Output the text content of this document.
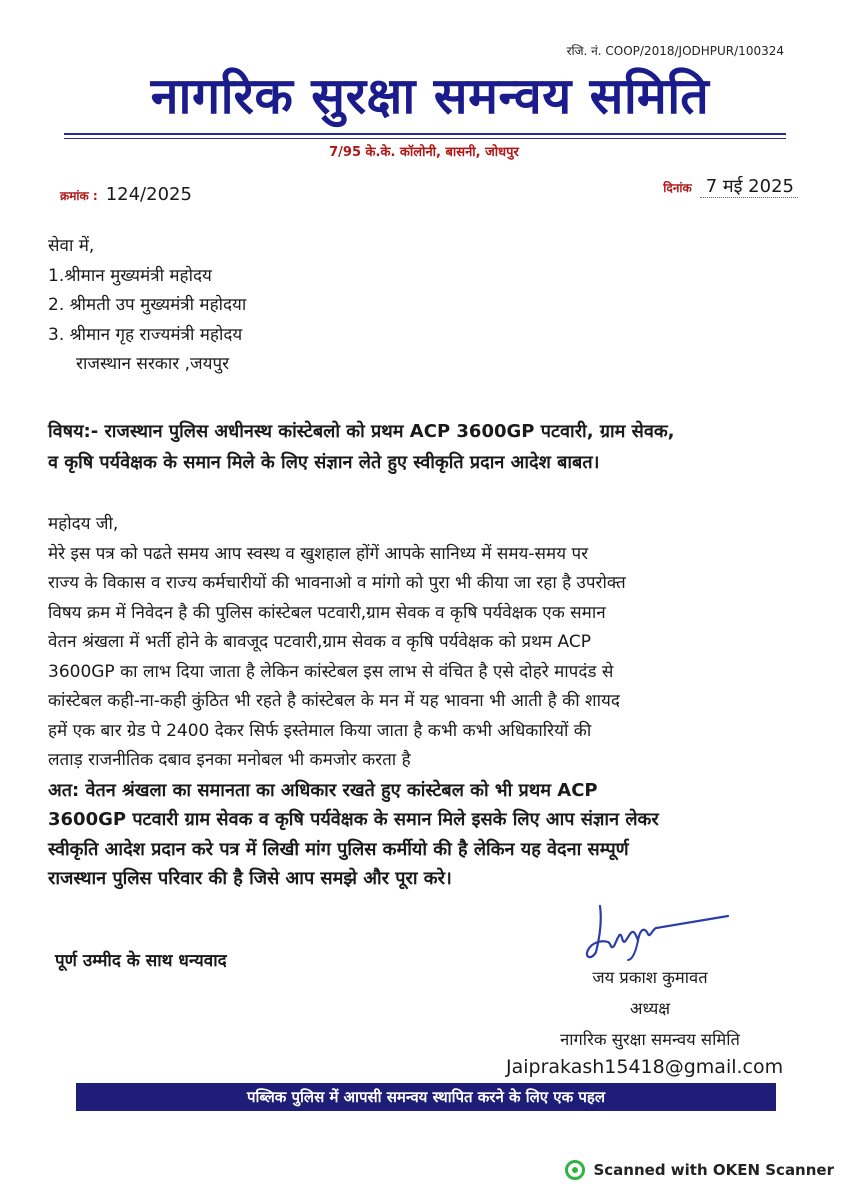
रजि. नं. COOP/2018/JODHPUR/100324
नागरिक सुरक्षा समन्वय समिति
7/95 के.के. कॉलोनी, बासनी, जोधपुर
क्रमांक : 124/2025	दिनांक 7 मई 2025
सेवा में,
1.श्रीमान मुख्यमंत्री महोदय
2. श्रीमती उप मुख्यमंत्री महोदया
3. श्रीमान गृह राज्यमंत्री महोदय
राजस्थान सरकार ,जयपुर
विषय:- राजस्थान पुलिस अधीनस्थ कांस्टेबलो को प्रथम ACP 3600GP पटवारी, ग्राम सेवक,
व कृषि पर्यवेक्षक के समान मिले के लिए संज्ञान लेते हुए स्वीकृति प्रदान आदेश बाबत।
महोदय जी,
मेरे इस पत्र को पढते समय आप स्वस्थ व खुशहाल होंगें आपके सानिध्य में समय-समय पर
राज्य के विकास व राज्य कर्मचारीयों की भावनाओ व मांगो को पुरा भी कीया जा रहा है उपरोक्त
विषय क्रम में निवेदन है की पुलिस कांस्टेबल पटवारी,ग्राम सेवक व कृषि पर्यवेक्षक एक समान
वेतन श्रंखला में भर्ती होने के बावजूद पटवारी,ग्राम सेवक व कृषि पर्यवेक्षक को प्रथम ACP
3600GP का लाभ दिया जाता है लेकिन कांस्टेबल इस लाभ से वंचित है एसे दोहरे मापदंड से
कांस्टेबल कही-ना-कही कुंठित भी रहते है कांस्टेबल के मन में यह भावना भी आती है की शायद
हमें एक बार ग्रेड पे 2400 देकर सिर्फ इस्तेमाल किया जाता है कभी कभी अधिकारियों की
लताड़ राजनीतिक दबाव इनका मनोबल भी कमजोर करता है
अत: वेतन श्रंखला का समानता का अधिकार रखते हुए कांस्टेबल को भी प्रथम ACP
3600GP पटवारी ग्राम सेवक व कृषि पर्यवेक्षक के समान मिले इसके लिए आप संज्ञान लेकर
स्वीकृति आदेश प्रदान करे पत्र में लिखी मांग पुलिस कर्मीयो की है लेकिन यह वेदना सम्पूर्ण
राजस्थान पुलिस परिवार की है जिसे आप समझे और पूरा करे।
पूर्ण उम्मीद के साथ धन्यवाद
जय प्रकाश कुमावत
अध्यक्ष
नागरिक सुरक्षा समन्वय समिति
Jaiprakash15418@gmail.com
पब्लिक पुलिस में आपसी समन्वय स्थापित करने के लिए एक पहल
Scanned with OKEN Scanner
